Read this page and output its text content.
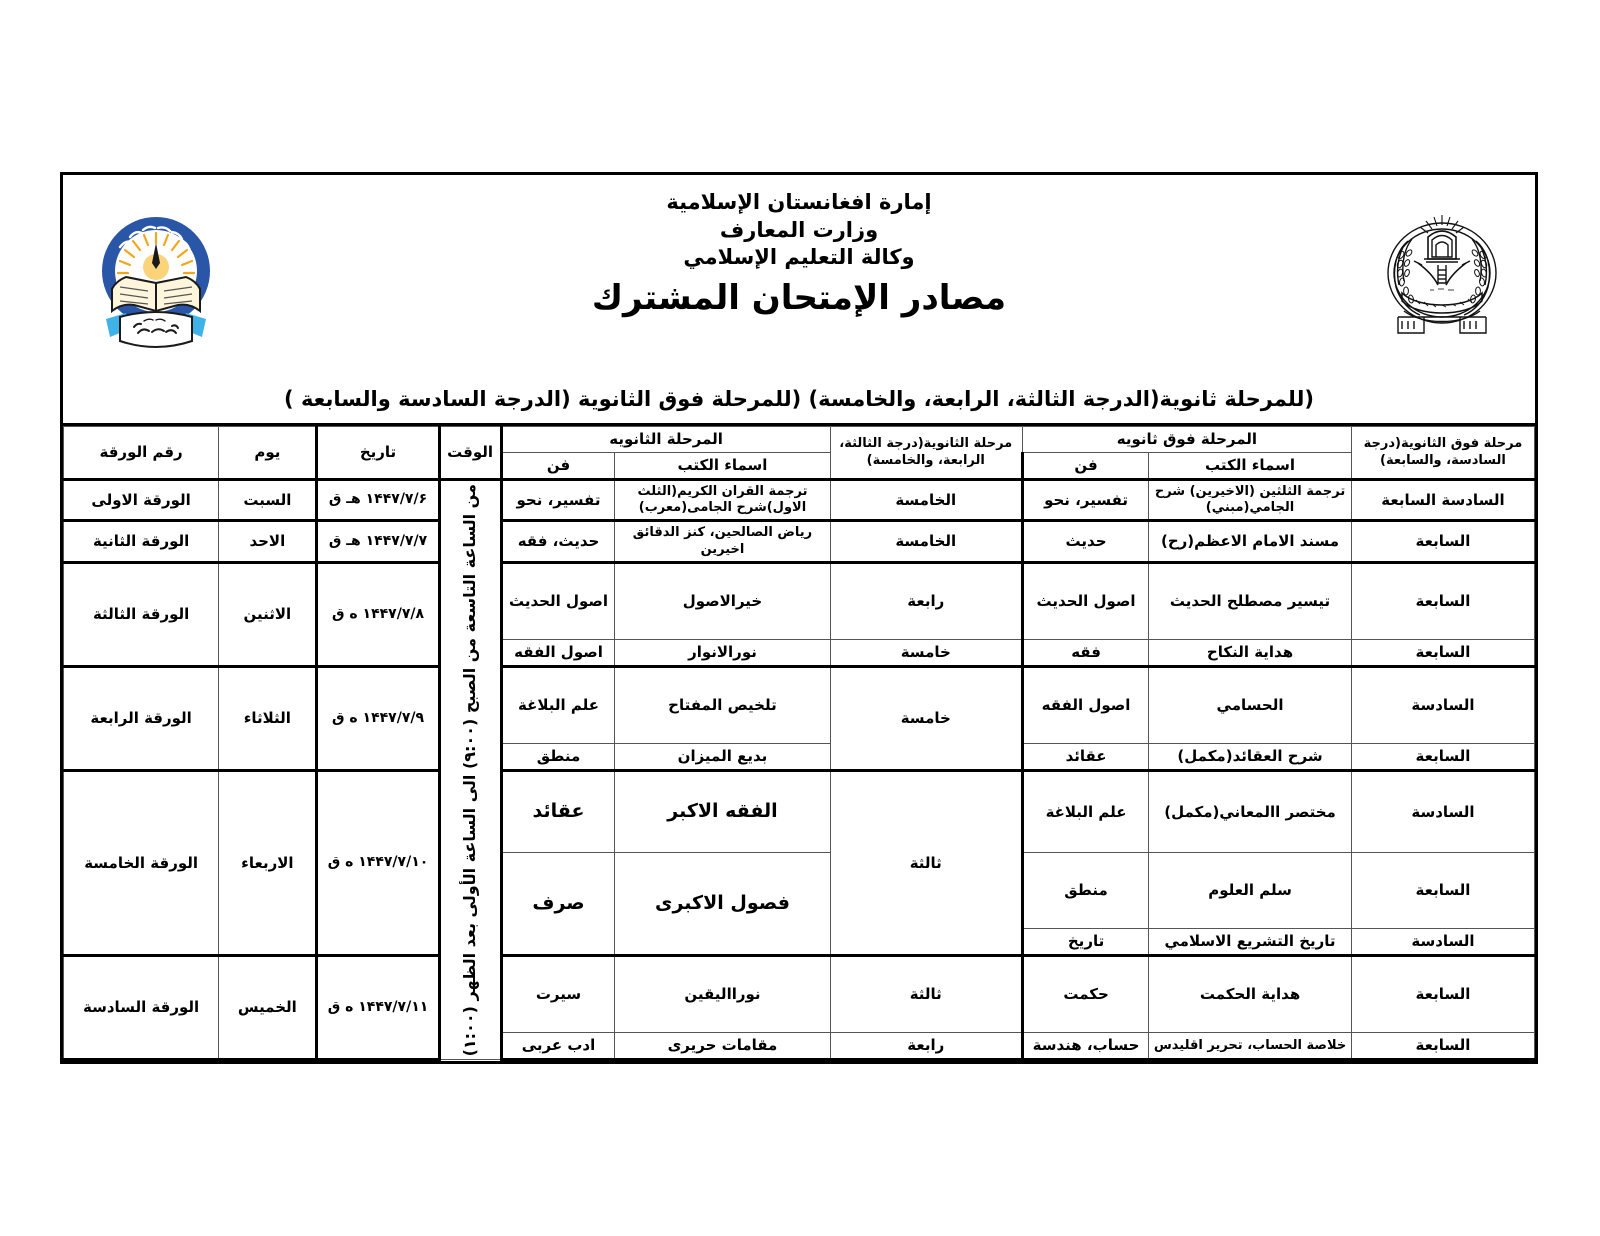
إمارة افغانستان الإسلامية
وزارت المعارف
وكالة التعليم الإسلامي
مصادر الإمتحان المشترك
(للمرحلة ثانوية(الدرجة الثالثة، الرابعة، والخامسة) (للمرحلة فوق الثانوية (الدرجة السادسة والسابعة )
مرحلة فوق الثانوية(درجة السادسة، والسابعة)	المرحلة فوق ثانويه		مرحلة الثانوية(درجة الثالثة، الرابعة، والخامسة)	المرحلة الثانويه		الوقت	تاريخ	يوم	رقم الورقة
	اسماء الكتب	فن		اسماء الكتب	فن				
السادسة السابعة	ترجمة الثلثين (الاخيرين) شرح الجامي(مبني)	تفسير، نحو	الخامسة	ترجمة القران الكريم(الثلث الاول)شرح الجامى(معرب)	تفسير، نحو	من الساعة التاسعة من الصبح (۹:۰۰) الی الساعة الأولی بعد الظهر (۱:۰۰)	۱۴۴۷/۷/۶ هـ ق	السبت	الورقة الاولى
السابعة	مسند الامام الاعظم(رح)	حديث	الخامسة	رياض الصالحين، كنز الدقائق اخيرين	حديث، فقه		۱۴۴۷/۷/۷ هـ ق	الاحد	الورقة الثانية
السابعة	تيسير مصطلح الحديث	اصول الحديث	رابعة	خيرالاصول	اصول الحديث		۱۴۴۷/۷/۸ ه ق	الاثنين	الورقة الثالثة
السابعة	هداية النكاح	فقه	خامسة	نورالانوار	اصول الفقه				
السادسة	الحسامي	اصول الفقه	خامسة	تلخيص المفتاح	علم البلاغة		۱۴۴۷/۷/۹ ه ق	الثلاثاء	الورقة الرابعة
السابعة	شرح العقائد(مكمل)	عقائد		بديع الميزان	منطق				
السادسة	مختصر االمعاني(مكمل)	علم البلاغة	ثالثة	الفقه الاكبر	عقائد		۱۴۴۷/۷/۱۰ ه ق	الاربعاء	الورقة الخامسة
السابعة	سلم العلوم	منطق		فصول الاكبرى	صرف				
السادسة	تاريخ التشريع الاسلامي	تاريخ							
السابعة	هداية الحكمت	حكمت	ثالثة	نورااليقين	سيرت		۱۴۴۷/۷/۱۱ ه ق	الخميس	الورقة السادسة
السابعة	خلاصة الحساب، تحرير اقليدس	حساب، هندسة	رابعة	مقامات حريرى	ادب عربى				
